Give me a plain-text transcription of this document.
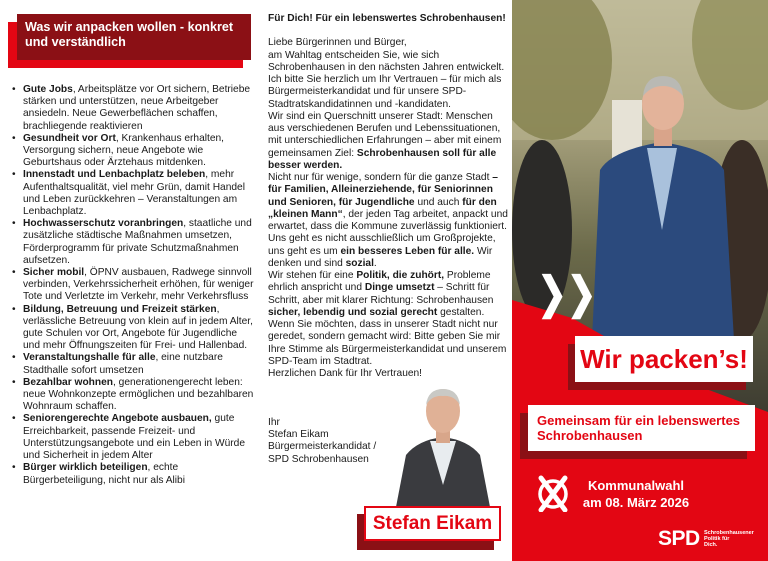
Was wir anpacken wollen - konkret und verständlich
• Gute Jobs, Arbeitsplätze vor Ort sichern, Betriebe stärken und unterstützen, neue Arbeitgeber ansiedeln. Neue Gewerbeflächen schaffen, brachliegende reaktivieren
• Gesundheit vor Ort, Krankenhaus erhalten, Versorgung sichern, neue Angebote wie Geburtshaus oder Ärztehaus mitdenken.
• Innenstadt und Lenbachplatz beleben, mehr Aufenthaltsqualität, viel mehr Grün, damit Handel und Leben zurückkehren – Veranstaltungen am Lenbachplatz.
• Hochwasserschutz voranbringen, staatliche und zusätzliche städtische Maßnahmen umsetzen, Förderprogramm für private Schutzmaßnahmen aufsetzen.
• Sicher mobil, ÖPNV ausbauen, Radwege sinnvoll verbinden, Verkehrssicherheit erhöhen, für weniger Tote und Verletzte im Verkehr, mehr Verkehrsfluss
• Bildung, Betreuung und Freizeit stärken, verlässliche Betreuung von klein auf in jedem Alter, gute Schulen vor Ort, Angebote für Jugendliche und mehr Öffnungszeiten für Frei- und Hallenbad.
• Veranstaltungshalle für alle, eine nutzbare Stadthalle sofort umsetzen
• Bezahlbar wohnen, generationengerecht leben: neue Wohnkonzepte ermöglichen und bezahlbaren Wohnraum schaffen.
• Seniorengerechte Angebote ausbauen, gute Erreichbarkeit, passende Freizeit- und Unterstützungsangebote und ein Leben in Würde und Sicherheit in jedem Alter
• Bürger wirklich beteiligen, echte Bürgerbeteiligung, nicht nur als Alibi
Für Dich! Für ein lebenswertes Schrobenhausen!

Liebe Bürgerinnen und Bürger,

am Wahltag entscheiden Sie, wie sich Schrobenhausen in den nächsten Jahren entwickelt. Ich bitte Sie herzlich um Ihr Vertrauen – für mich als Bürgermeisterkandidat und für unsere SPD-Stadtratskandidatinnen und -kandidaten.

Wir sind ein Querschnitt unserer Stadt: Menschen aus verschiedenen Berufen und Lebenssituationen, mit unterschiedlichen Erfahrungen – aber mit einem gemeinsamen Ziel: Schrobenhausen soll für alle besser werden.

Nicht nur für wenige, sondern für die ganze Stadt – für Familien, Alleinerziehende, für Seniorinnen und Senioren, für Jugendliche und auch für den „kleinen Mann“, der jeden Tag arbeitet, anpackt und erwartet, dass die Kommune zuverlässig funktioniert. Uns geht es nicht ausschließlich um Großprojekte, uns geht es um ein besseres Leben für alle. Wir denken und sind sozial.

Wir stehen für eine Politik, die zuhört, Probleme ehrlich anspricht und Dinge umsetzt – Schritt für Schritt, aber mit klarer Richtung: Schrobenhausen sicher, lebendig und sozial gerecht gestalten.

Wenn Sie möchten, dass in unserer Stadt nicht nur geredet, sondern gemacht wird: Bitte geben Sie mir Ihre Stimme als Bürgermeisterkandidat und unserem SPD-Team im Stadtrat.

Herzlichen Dank für Ihr Vertrauen!

Ihr
Stefan Eikam
Bürgermeisterkandidat /
SPD Schrobenhausen
Stefan Eikam
❯❯
Wir packen’s!
Gemeinsam für ein lebenswertes Schrobenhausen
Kommunalwahl
am 08. März 2026
SPD Schrobenhausener
Politik für
Dich.
